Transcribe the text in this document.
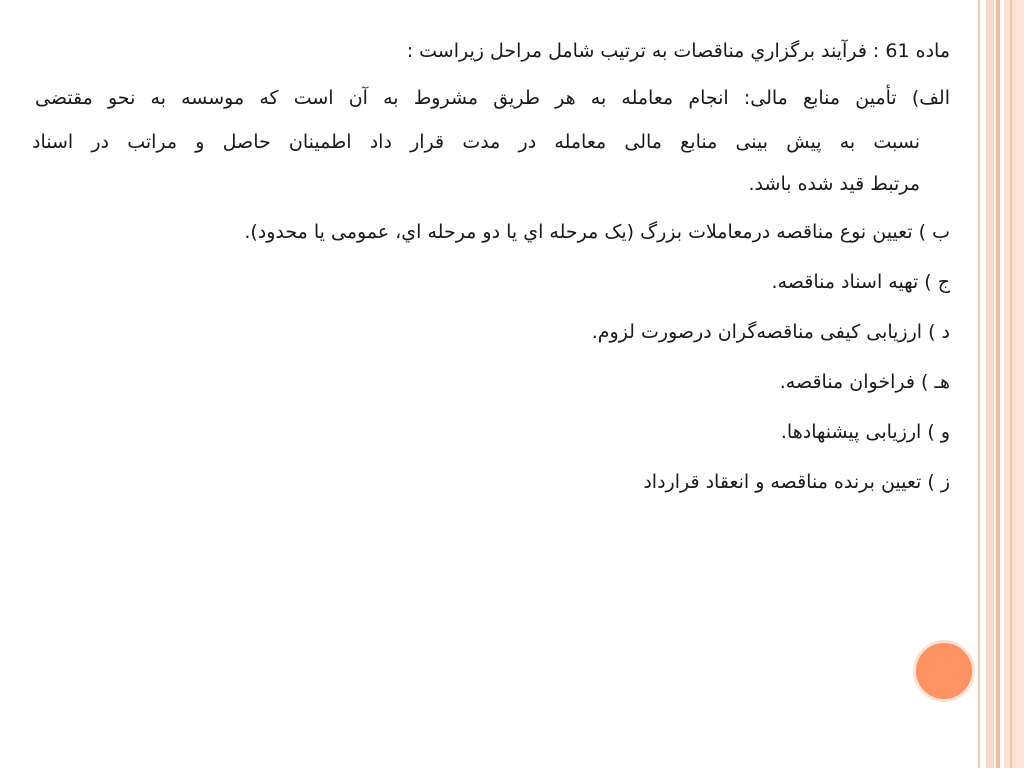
ماده 61 : فرآیند برگزاري مناقصات به ترتیب شامل مراحل زيراست :
الف) تأمین منابع مالی: انجام معامله به هر طریق مشروط به آن است که موسسه به نحو مقتضی
نسبت به پیش بینی منابع مالی معامله در مدت قرار داد اطمینان حاصل و مراتب در اسناد
مرتبط قید شده باشد.
ب ) تعیین نوع مناقصه درمعاملات بزرگ (یک مرحله اي یا دو مرحله اي، عمومی یا محدود).
ج ) تهیه اسناد مناقصه.
د ) ارزیابی کیفی مناقصه‌گران درصورت لزوم.
هـ ) فراخوان مناقصه.
و ) ارزیابی پیشنهادها.
ز ) تعیین برنده مناقصه و انعقاد قرارداد
